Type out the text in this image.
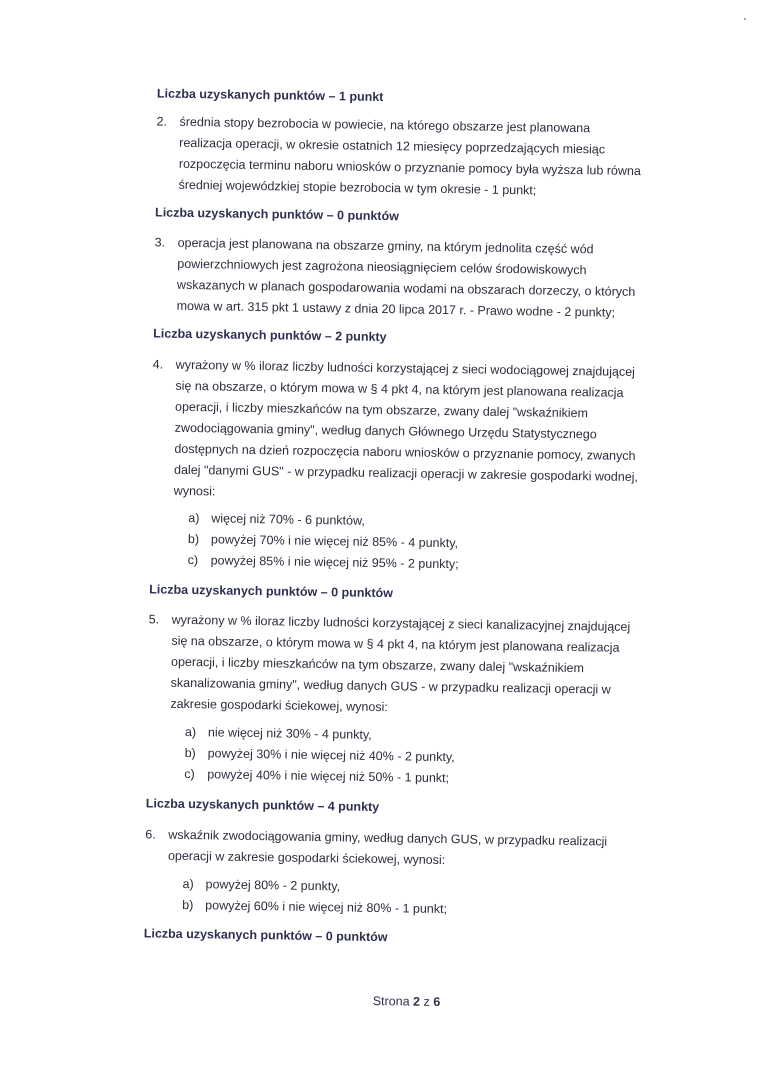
Liczba uzyskanych punktów – 1 punkt
2. średnia stopy bezrobocia w powiecie, na którego obszarze jest planowana
realizacja operacji, w okresie ostatnich 12 miesięcy poprzedzających miesiąc
rozpoczęcia terminu naboru wniosków o przyznanie pomocy była wyższa lub równa
średniej wojewódzkiej stopie bezrobocia w tym okresie - 1 punkt;
Liczba uzyskanych punktów – 0 punktów
3. operacja jest planowana na obszarze gminy, na którym jednolita część wód
powierzchniowych jest zagrożona nieosiągnięciem celów środowiskowych
wskazanych w planach gospodarowania wodami na obszarach dorzeczy, o których
mowa w art. 315 pkt 1 ustawy z dnia 20 lipca 2017 r. - Prawo wodne - 2 punkty;
Liczba uzyskanych punktów – 2 punkty
4. wyrażony w % iloraz liczby ludności korzystającej z sieci wodociągowej znajdującej
się na obszarze, o którym mowa w § 4 pkt 4, na którym jest planowana realizacja
operacji, i liczby mieszkańców na tym obszarze, zwany dalej "wskaźnikiem
zwodociągowania gminy", według danych Głównego Urzędu Statystycznego
dostępnych na dzień rozpoczęcia naboru wniosków o przyznanie pomocy, zwanych
dalej "danymi GUS" - w przypadku realizacji operacji w zakresie gospodarki wodnej,
wynosi:
a) więcej niż 70% - 6 punktów,
b) powyżej 70% i nie więcej niż 85% - 4 punkty,
c) powyżej 85% i nie więcej niż 95% - 2 punkty;
Liczba uzyskanych punktów – 0 punktów
5. wyrażony w % iloraz liczby ludności korzystającej z sieci kanalizacyjnej znajdującej
się na obszarze, o którym mowa w § 4 pkt 4, na którym jest planowana realizacja
operacji, i liczby mieszkańców na tym obszarze, zwany dalej "wskaźnikiem
skanalizowania gminy", według danych GUS - w przypadku realizacji operacji w
zakresie gospodarki ściekowej, wynosi:
a) nie więcej niż 30% - 4 punkty,
b) powyżej 30% i nie więcej niż 40% - 2 punkty,
c) powyżej 40% i nie więcej niż 50% - 1 punkt;
Liczba uzyskanych punktów – 4 punkty
6. wskaźnik zwodociągowania gminy, według danych GUS, w przypadku realizacji
operacji w zakresie gospodarki ściekowej, wynosi:
a) powyżej 80% - 2 punkty,
b) powyżej 60% i nie więcej niż 80% - 1 punkt;
Liczba uzyskanych punktów – 0 punktów
Strona 2 z 6
